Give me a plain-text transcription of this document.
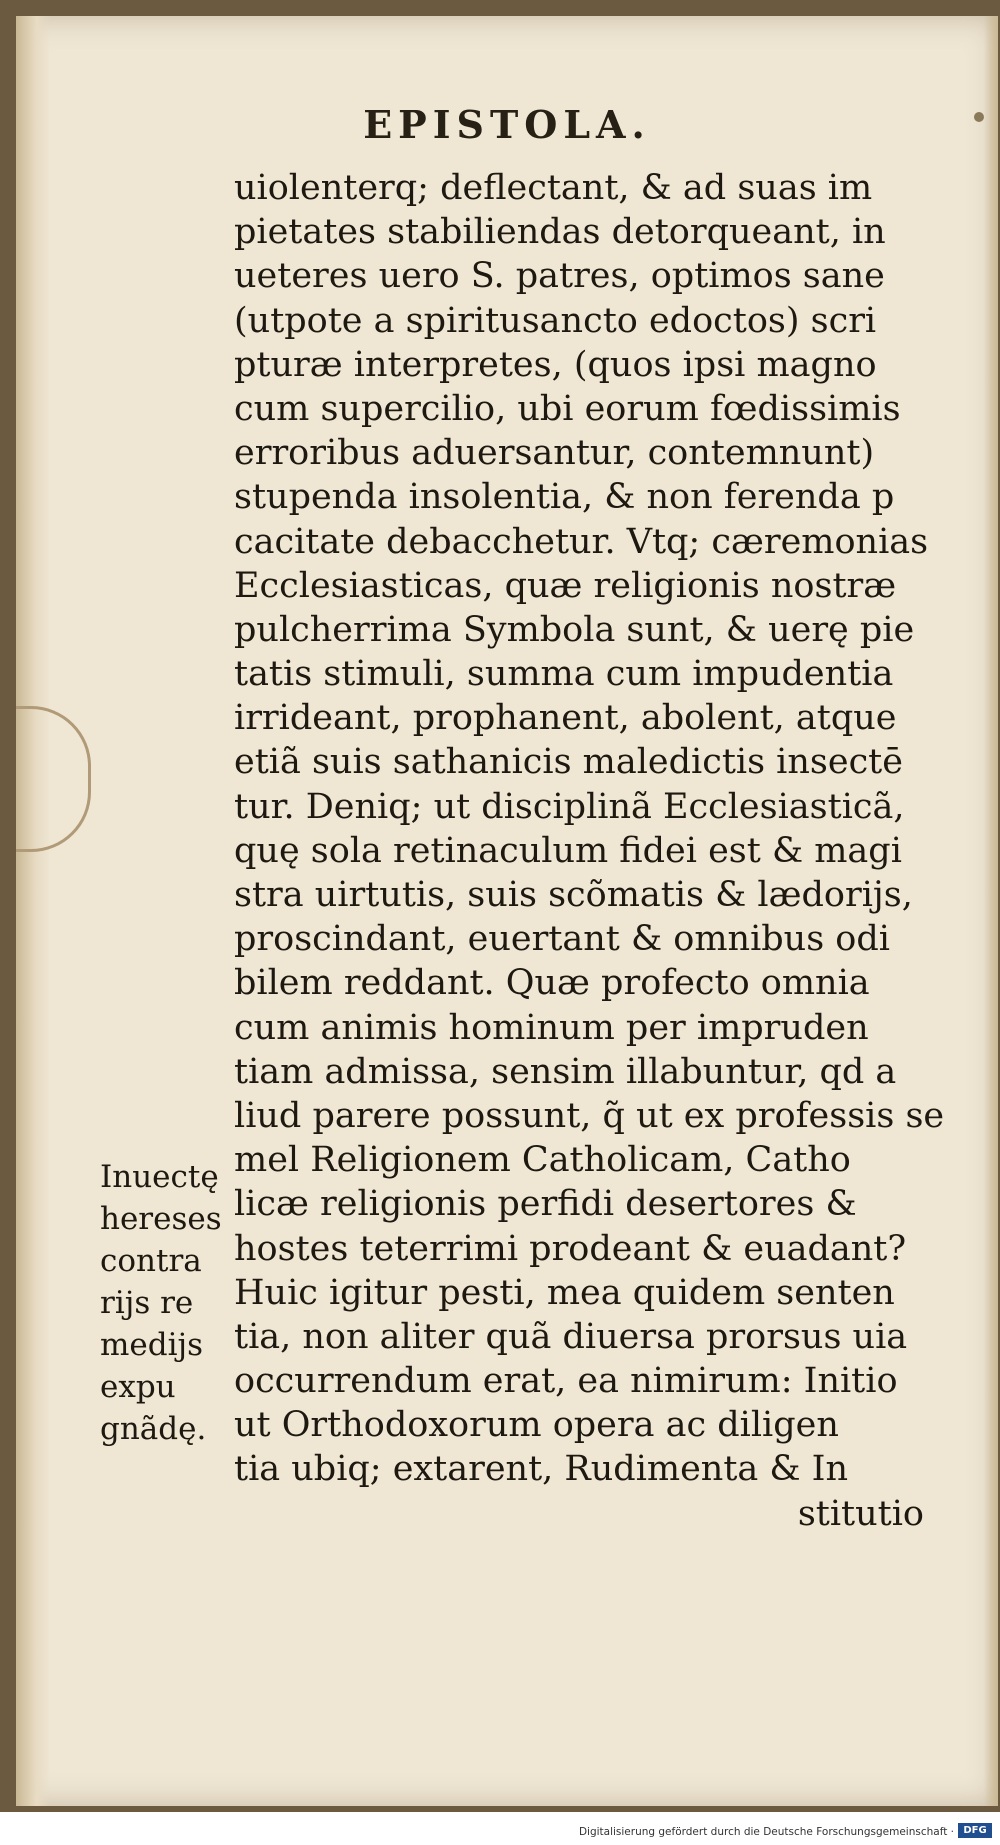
EPISTOLA.
uiolenterq; deflectant, & ad suas im
pietates stabiliendas detorqueant, in
ueteres uero S. patres, optimos sane
(utpote a spiritusancto edoctos) scri
pturæ interpretes, (quos ipsi magno
cum supercilio, ubi eorum fœdissimis
erroribus aduersantur, contemnunt)
stupenda insolentia, & non ferenda p
cacitate debacchetur. Vtq; cæremonias
Ecclesiasticas, quæ religionis nostræ
pulcherrima Symbola sunt, & uerę pie
tatis stimuli, summa cum impudentia
irrideant, prophanent, abolent, atque
etiã suis sathanicis maledictis insectē
tur. Deniq; ut disciplinã Ecclesiasticã,
quę sola retinaculum fidei est & magi
stra uirtutis, suis scõmatis & lædorijs,
proscindant, euertant & omnibus odi
bilem reddant. Quæ profecto omnia
cum animis hominum per impruden
tiam admissa, sensim illabuntur, qd a
liud parere possunt, q̃ ut ex professis se
mel Religionem Catholicam, Catho
licæ religionis perfidi desertores &
hostes teterrimi prodeant & euadant?
Huic igitur pesti, mea quidem senten
tia, non aliter quã diuersa prorsus uia
occurrendum erat, ea nimirum: Initio
ut Orthodoxorum opera ac diligen
tia ubiq; extarent, Rudimenta & In
stitutio
Inuectę
hereses
contra
rijs re
medijs
expu
gnãdę.
Digitalisierung gefördert durch die Deutsche Forschungsgemeinschaft · DFG
